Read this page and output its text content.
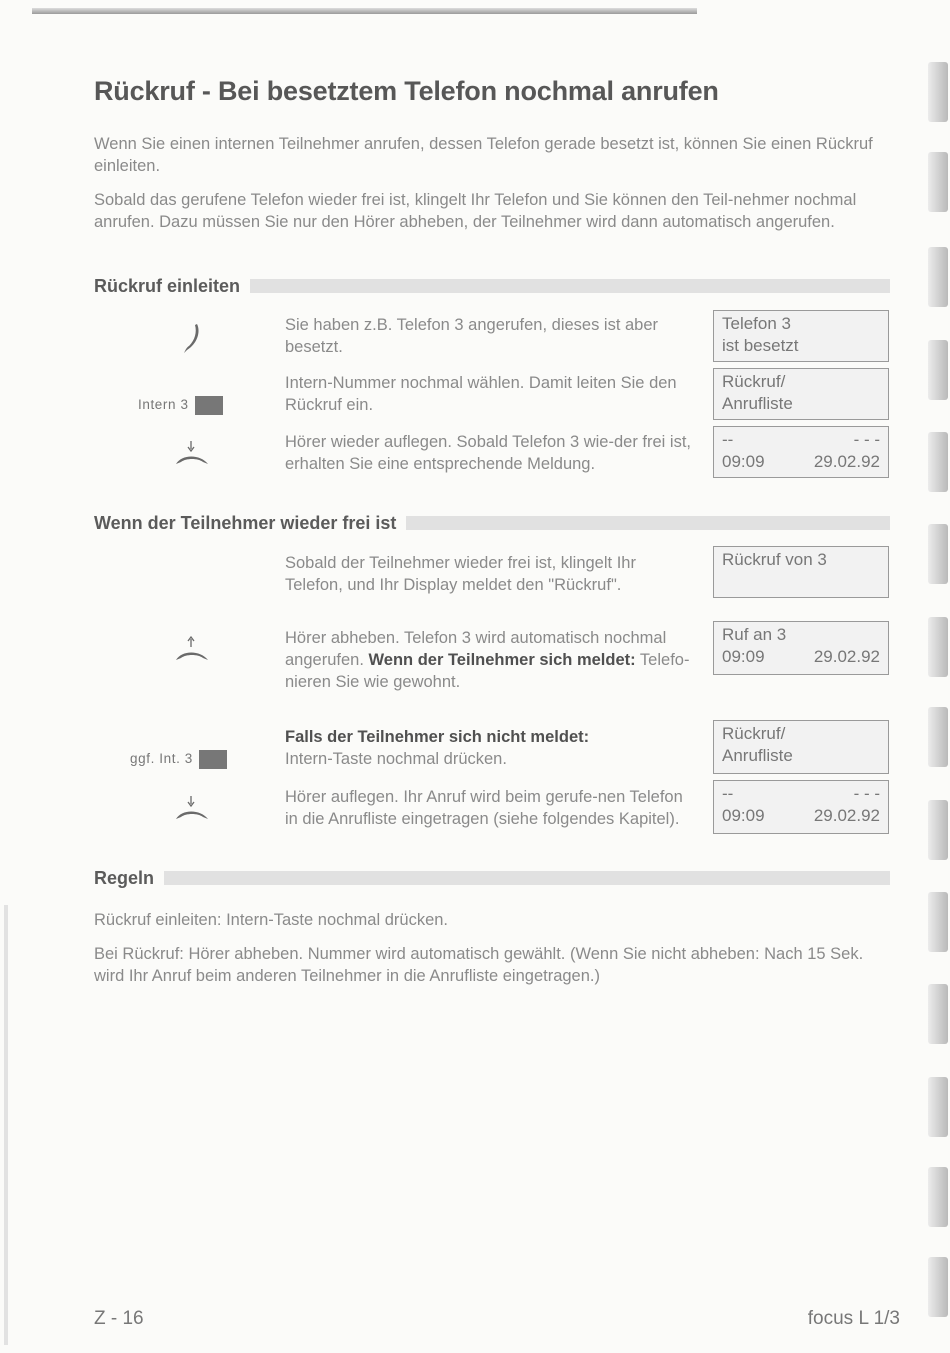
Rückruf - Bei besetztem Telefon nochmal anrufen

Wenn Sie einen internen Teilnehmer anrufen, dessen Telefon gerade besetzt ist, können Sie einen Rückruf einleiten.

Sobald das gerufene Telefon wieder frei ist, klingelt Ihr Telefon und Sie können den Teil-nehmer nochmal anrufen. Dazu müssen Sie nur den Hörer abheben, der Teilnehmer wird dann automatisch angerufen.

Rückruf einleiten

Sie haben z.B. Telefon 3 angerufen, dieses ist aber besetzt.

Telefon 3
ist besetzt
Intern 3

Intern-Nummer nochmal wählen. Damit leiten Sie den Rückruf ein.

Rückruf/
Anrufliste

Hörer wieder auflegen. Sobald Telefon 3 wie-der frei ist, erhalten Sie eine entsprechende Meldung.

--	- - -
09:09	29.02.92
Wenn der Teilnehmer wieder frei ist

Sobald der Teilnehmer wieder frei ist, klingelt Ihr Telefon, und Ihr Display meldet den "Rückruf".

Rückruf von 3

Hörer abheben. Telefon 3 wird automatisch nochmal angerufen. Wenn der Teilnehmer sich meldet: Telefo-nieren Sie wie gewohnt.

Ruf an 3
09:09	29.02.92
ggf. Int. 3

Falls der Teilnehmer sich nicht meldet:
Intern-Taste nochmal drücken.

Rückruf/
Anrufliste

Hörer auflegen. Ihr Anruf wird beim gerufe-nen Telefon in die Anrufliste eingetragen (siehe folgendes Kapitel).

--	- - -
09:09	29.02.92
Regeln

Rückruf einleiten: Intern-Taste nochmal drücken.

Bei Rückruf: Hörer abheben. Nummer wird automatisch gewählt. (Wenn Sie nicht abheben: Nach 15 Sek. wird Ihr Anruf beim anderen Teilnehmer in die Anrufliste eingetragen.)

Z - 16	focus L 1/3
